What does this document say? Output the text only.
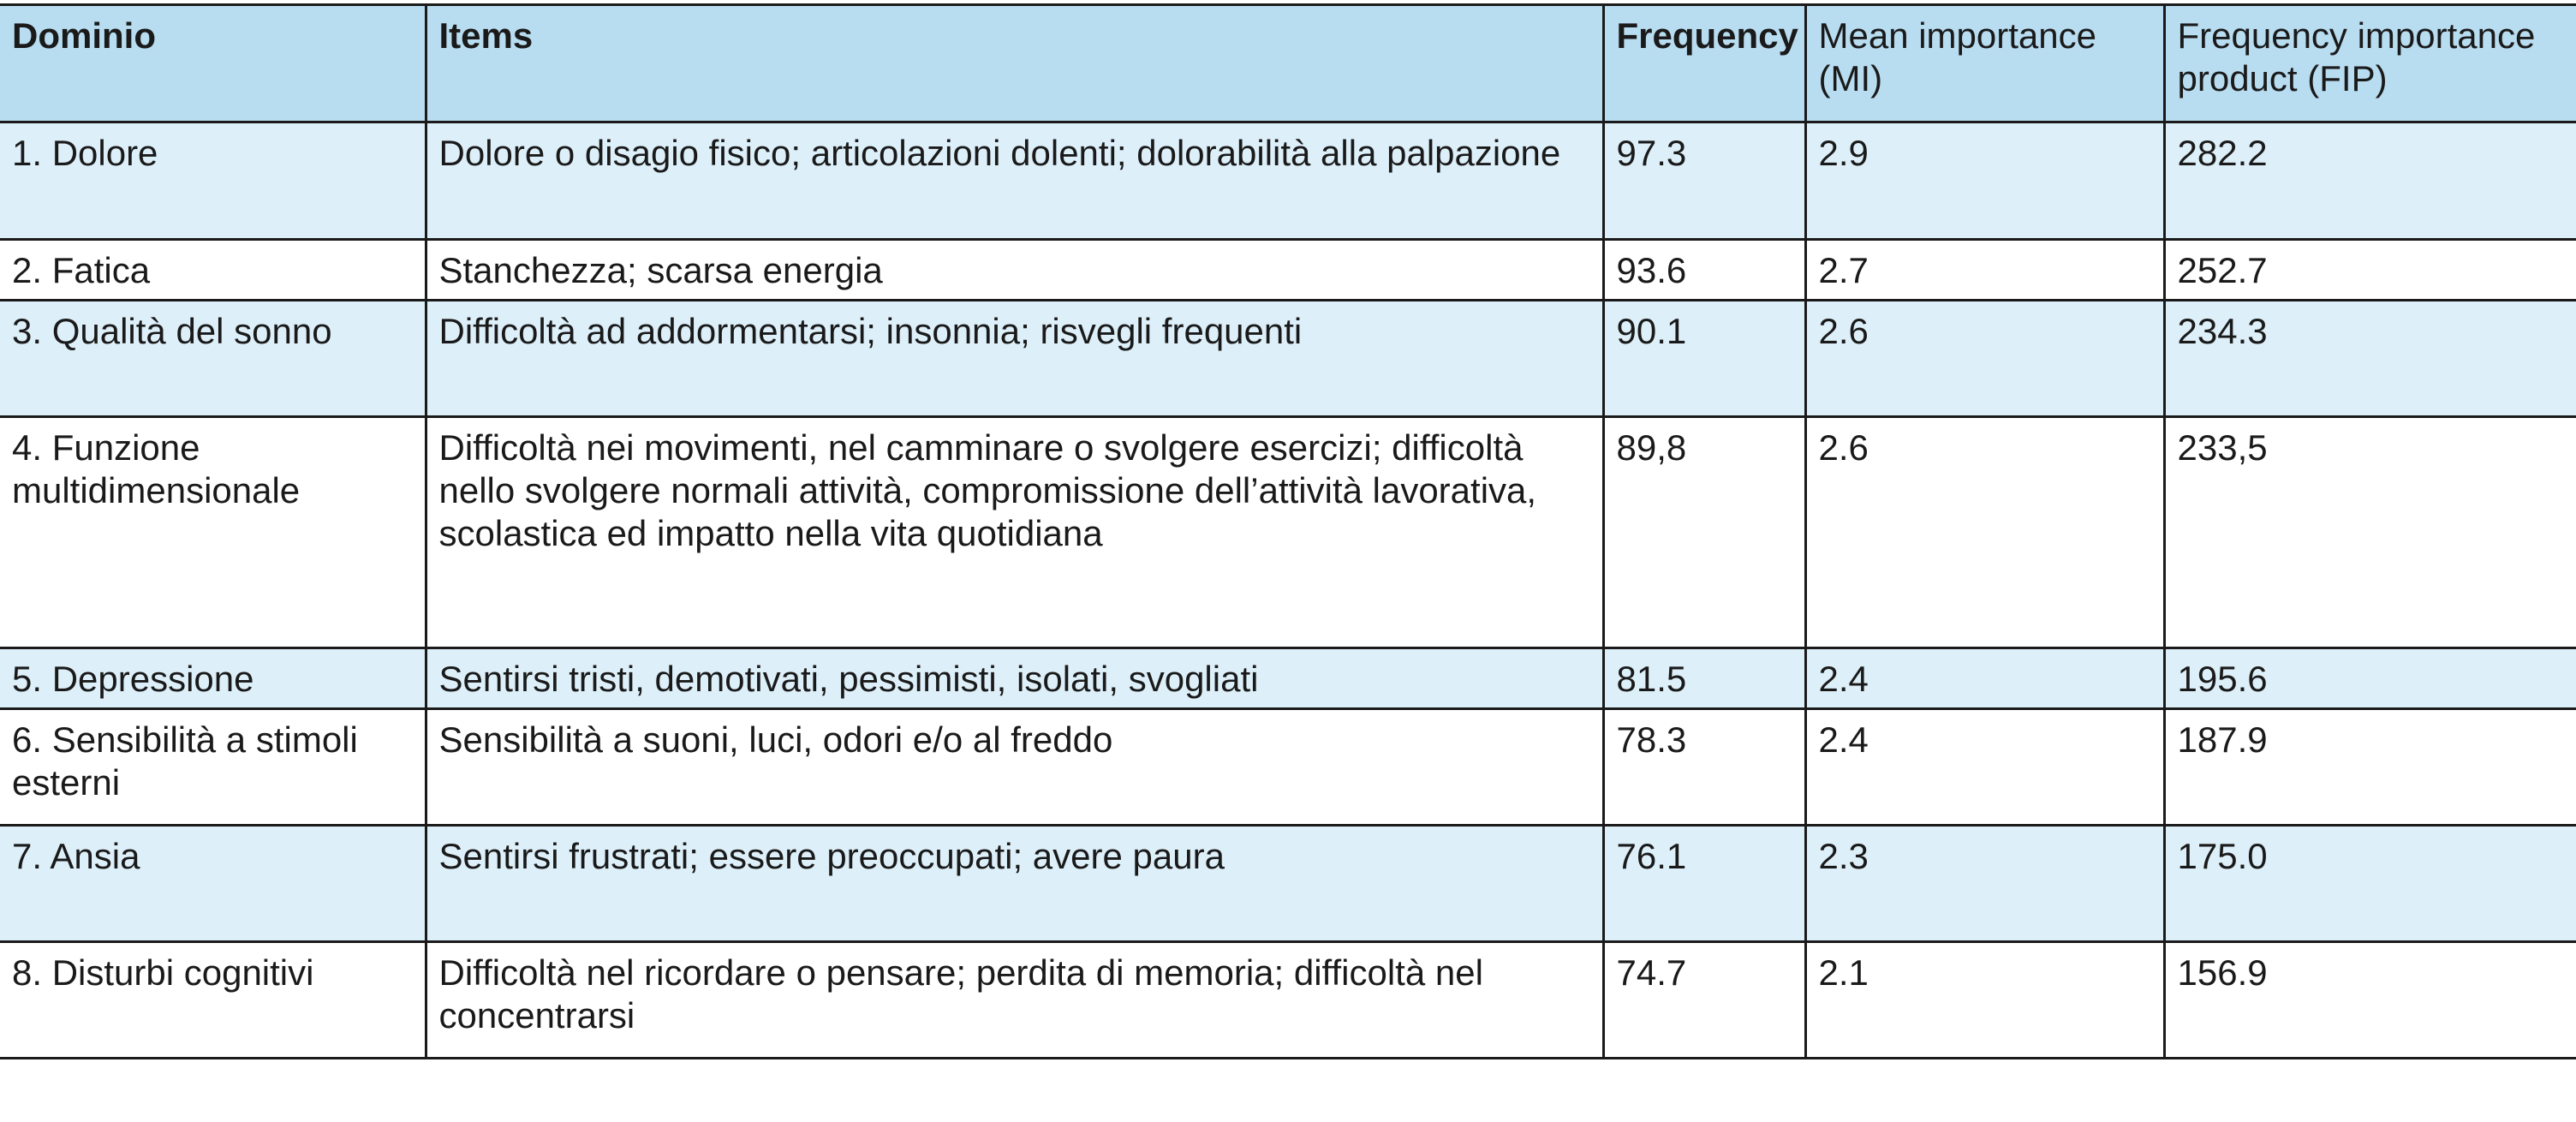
Dominio	Items	Frequency	Mean importance (MI)	Frequency importance product (FIP)
1. Dolore	Dolore o disagio fisico; articolazioni dolenti; dolorabilità alla palpazione	97.3	2.9	282.2
2. Fatica	Stanchezza; scarsa energia	93.6	2.7	252.7
3. Qualità del sonno	Difficoltà ad addormentarsi; insonnia; risvegli frequenti	90.1	2.6	234.3
4. Funzione multidimensionale	Difficoltà nei movimenti, nel camminare o svolgere esercizi; difficoltà nello svolgere normali attività, compromissione dell’attività lavorativa, scolastica ed impatto nella vita quotidiana	89,8	2.6	233,5
5. Depressione	Sentirsi tristi, demotivati, pessimisti, isolati, svogliati	81.5	2.4	195.6
6. Sensibilità a stimoli esterni	Sensibilità a suoni, luci, odori e/o al freddo	78.3	2.4	187.9
7. Ansia	Sentirsi frustrati; essere preoccupati; avere paura	76.1	2.3	175.0
8. Disturbi cognitivi	Difficoltà nel ricordare o pensare; perdita di memoria; difficoltà nel concentrarsi	74.7	2.1	156.9
